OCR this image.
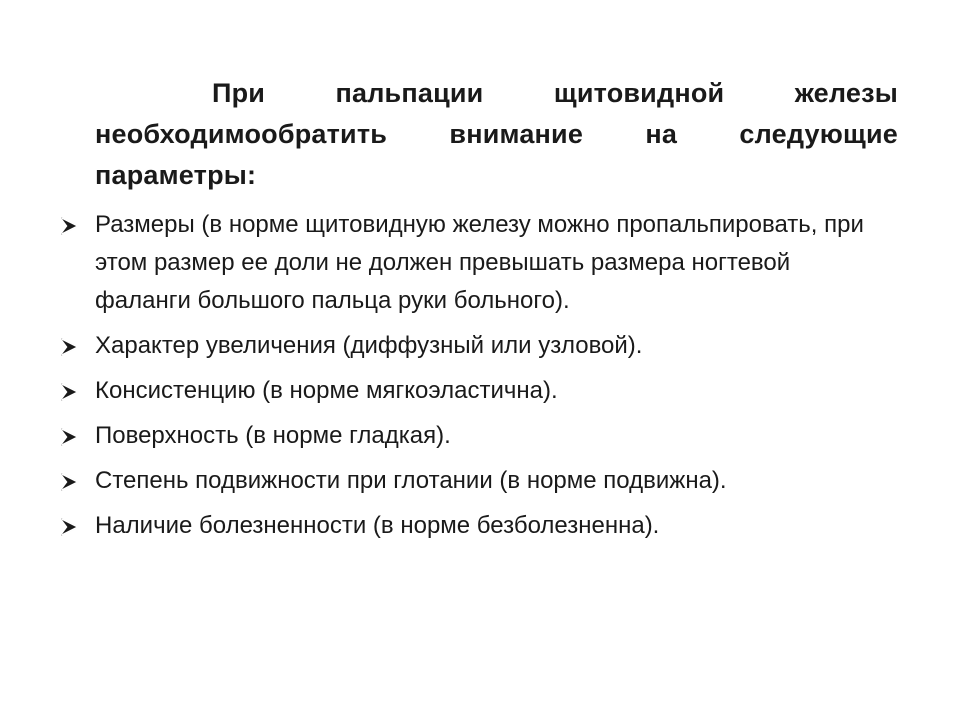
При пальпации щитовидной железы необходимообратить внимание на следующие параметры:
Размеры (в норме щитовидную железу можно пропальпировать, при этом размер ее доли не должен превышать размера ногтевой фаланги большого пальца руки больного).
Характер увеличения (диффузный или узловой).
Консистенцию (в норме мягкоэластична).
Поверхность (в норме гладкая).
Степень подвижности при глотании (в норме подвижна).
Наличие болезненности (в норме безболезненна).
